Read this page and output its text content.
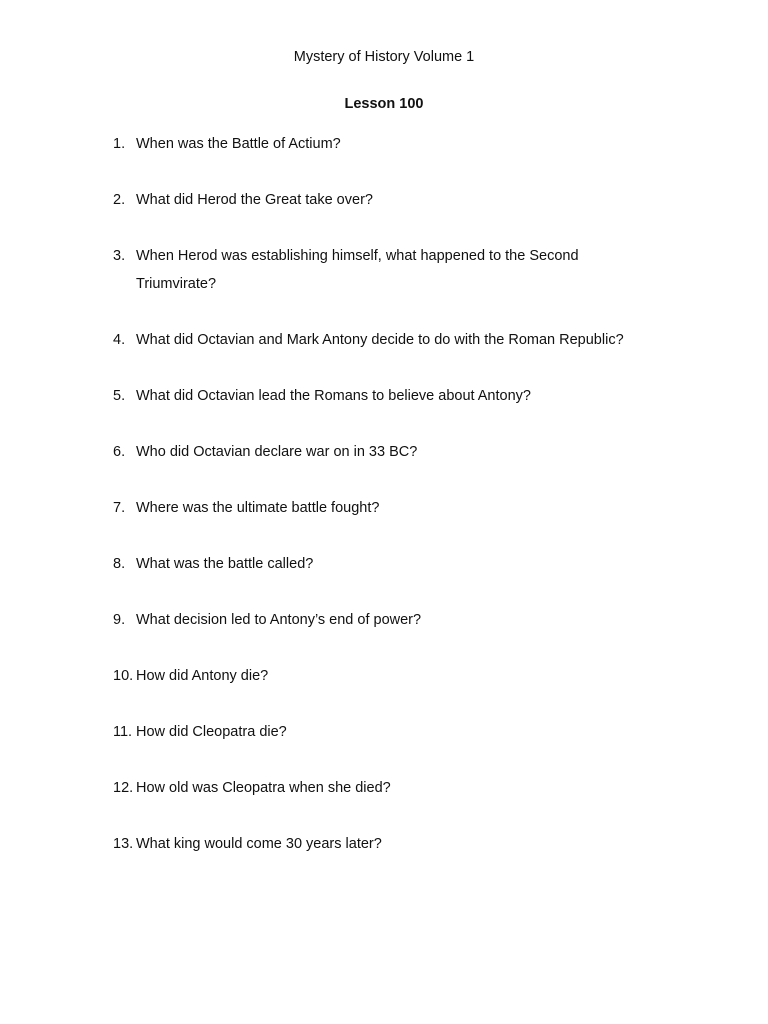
Mystery of History Volume 1
Lesson 100
1. When was the Battle of Actium?
2. What did Herod the Great take over?
3. When Herod was establishing himself, what happened to the Second Triumvirate?
4. What did Octavian and Mark Antony decide to do with the Roman Republic?
5. What did Octavian lead the Romans to believe about Antony?
6. Who did Octavian declare war on in 33 BC?
7. Where was the ultimate battle fought?
8. What was the battle called?
9. What decision led to Antony’s end of power?
10. How did Antony die?
11. How did Cleopatra die?
12. How old was Cleopatra when she died?
13. What king would come 30 years later?
